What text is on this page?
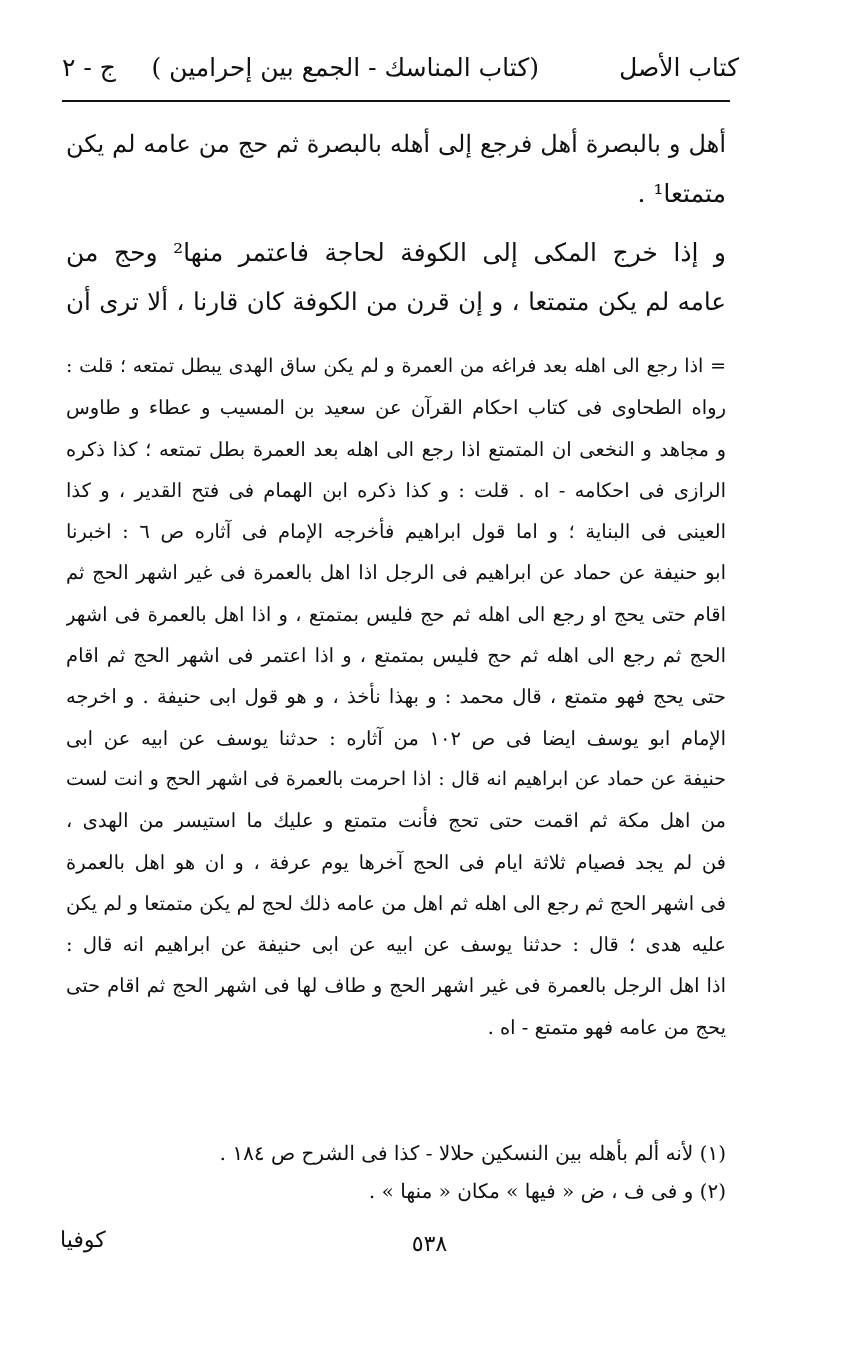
كتاب الأصل
(كتاب المناسك - الجمع بين إحرامين )
ج - ٢
أهل و بالبصرة أهل فرجع إلى أهله بالبصرة ثم حج من عامه لم يكن
متمتعا¹ .
و إذا خرج المكى إلى الكوفة لحاجة فاعتمر منها² وحج من
عامه لم يكن متمتعا ، و إن قرن من الكوفة كان قارنا ، ألا ترى أن
= اذا رجع الى اهله بعد فراغه من العمرة و لم يكن ساق الهدى يبطل تمتعه ؛ قلت :
رواه الطحاوى فى كتاب احكام القرآن عن سعيد بن المسيب و عطاء و طاوس
و مجاهد و النخعى ان المتمتع اذا رجع الى اهله بعد العمرة بطل تمتعه ؛ كذا ذكره
الرازى فى احكامه - اه . قلت : و كذا ذكره ابن الهمام فى فتح القدير ، و كذا
العينى فى البناية ؛ و اما قول ابراهيم فأخرجه الإمام فى آثاره ص ٦ : اخبرنا
ابو حنيفة عن حماد عن ابراهيم فى الرجل اذا اهل بالعمرة فى غير اشهر الحج ثم
اقام حتى يحج او رجع الى اهله ثم حج فليس بمتمتع ، و اذا اهل بالعمرة فى اشهر
الحج ثم رجع الى اهله ثم حج فليس بمتمتع ، و اذا اعتمر فى اشهر الحج ثم اقام
حتى يحج فهو متمتع ، قال محمد : و بهذا نأخذ ، و هو قول ابى حنيفة . و اخرجه
الإمام ابو يوسف ايضا فى ص ١٠٢ من آثاره : حدثنا يوسف عن ابيه عن ابى
حنيفة عن حماد عن ابراهيم انه قال : اذا احرمت بالعمرة فى اشهر الحج و انت لست
من اهل مكة ثم اقمت حتى تحج فأنت متمتع و عليك ما استيسر من الهدى ،
فن لم يجد فصيام ثلاثة ايام فى الحج آخرها يوم عرفة ، و ان هو اهل بالعمرة
فى اشهر الحج ثم رجع الى اهله ثم اهل من عامه ذلك لحج لم يكن متمتعا و لم يكن
عليه هدى ؛ قال : حدثنا يوسف عن ابيه عن ابى حنيفة عن ابراهيم انه قال :
اذا اهل الرجل بالعمرة فى غير اشهر الحج و طاف لها فى اشهر الحج ثم اقام حتى
يحج من عامه فهو متمتع - اه .
(١) لأنه ألم بأهله بين النسكين حلالا - كذا فى الشرح ص ١٨٤ .
(٢) و فى ف ، ض « فيها » مكان « منها » .
٥٣٨
كوفيا
